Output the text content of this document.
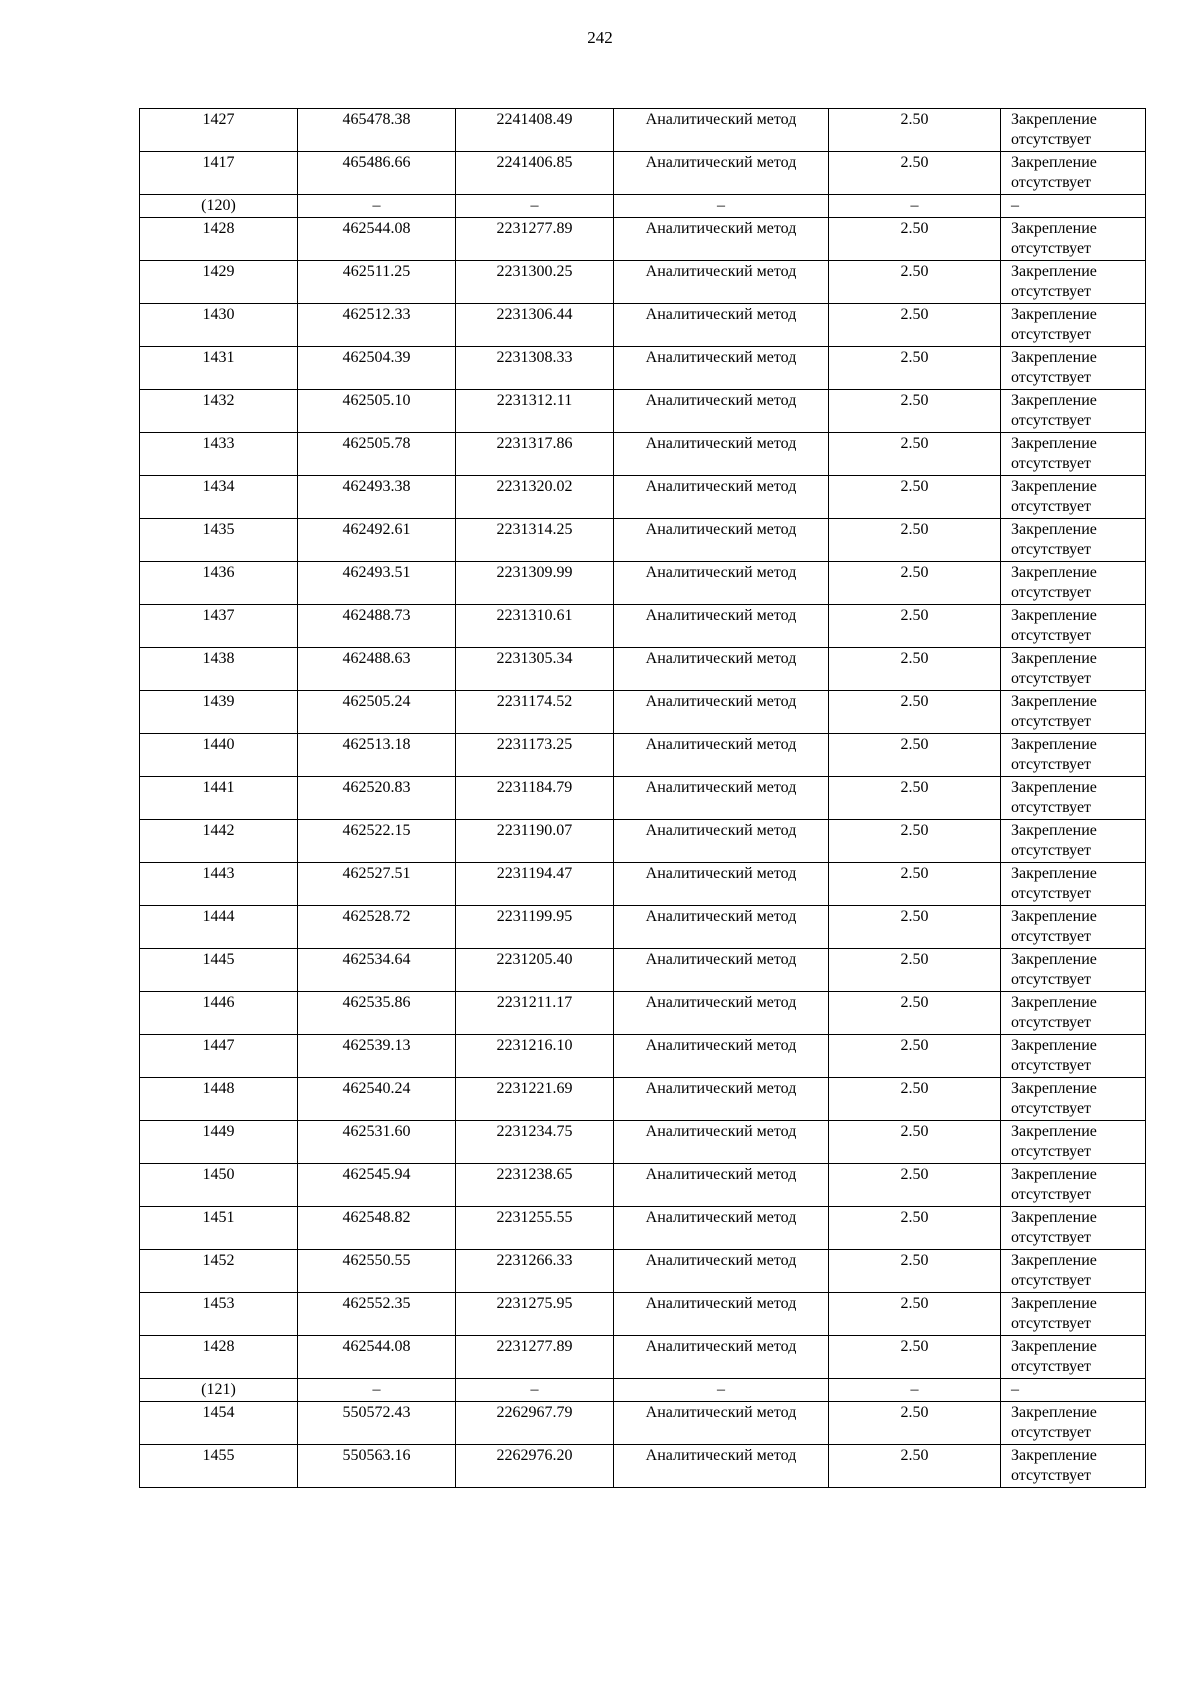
242
1427	465478.38	2241408.49	Аналитический метод	2.50	Закрепление отсутствует
1417	465486.66	2241406.85	Аналитический метод	2.50	Закрепление отсутствует
(120)	–	–	–	–	–
1428	462544.08	2231277.89	Аналитический метод	2.50	Закрепление отсутствует
1429	462511.25	2231300.25	Аналитический метод	2.50	Закрепление отсутствует
1430	462512.33	2231306.44	Аналитический метод	2.50	Закрепление отсутствует
1431	462504.39	2231308.33	Аналитический метод	2.50	Закрепление отсутствует
1432	462505.10	2231312.11	Аналитический метод	2.50	Закрепление отсутствует
1433	462505.78	2231317.86	Аналитический метод	2.50	Закрепление отсутствует
1434	462493.38	2231320.02	Аналитический метод	2.50	Закрепление отсутствует
1435	462492.61	2231314.25	Аналитический метод	2.50	Закрепление отсутствует
1436	462493.51	2231309.99	Аналитический метод	2.50	Закрепление отсутствует
1437	462488.73	2231310.61	Аналитический метод	2.50	Закрепление отсутствует
1438	462488.63	2231305.34	Аналитический метод	2.50	Закрепление отсутствует
1439	462505.24	2231174.52	Аналитический метод	2.50	Закрепление отсутствует
1440	462513.18	2231173.25	Аналитический метод	2.50	Закрепление отсутствует
1441	462520.83	2231184.79	Аналитический метод	2.50	Закрепление отсутствует
1442	462522.15	2231190.07	Аналитический метод	2.50	Закрепление отсутствует
1443	462527.51	2231194.47	Аналитический метод	2.50	Закрепление отсутствует
1444	462528.72	2231199.95	Аналитический метод	2.50	Закрепление отсутствует
1445	462534.64	2231205.40	Аналитический метод	2.50	Закрепление отсутствует
1446	462535.86	2231211.17	Аналитический метод	2.50	Закрепление отсутствует
1447	462539.13	2231216.10	Аналитический метод	2.50	Закрепление отсутствует
1448	462540.24	2231221.69	Аналитический метод	2.50	Закрепление отсутствует
1449	462531.60	2231234.75	Аналитический метод	2.50	Закрепление отсутствует
1450	462545.94	2231238.65	Аналитический метод	2.50	Закрепление отсутствует
1451	462548.82	2231255.55	Аналитический метод	2.50	Закрепление отсутствует
1452	462550.55	2231266.33	Аналитический метод	2.50	Закрепление отсутствует
1453	462552.35	2231275.95	Аналитический метод	2.50	Закрепление отсутствует
1428	462544.08	2231277.89	Аналитический метод	2.50	Закрепление отсутствует
(121)	–	–	–	–	–
1454	550572.43	2262967.79	Аналитический метод	2.50	Закрепление отсутствует
1455	550563.16	2262976.20	Аналитический метод	2.50	Закрепление отсутствует
